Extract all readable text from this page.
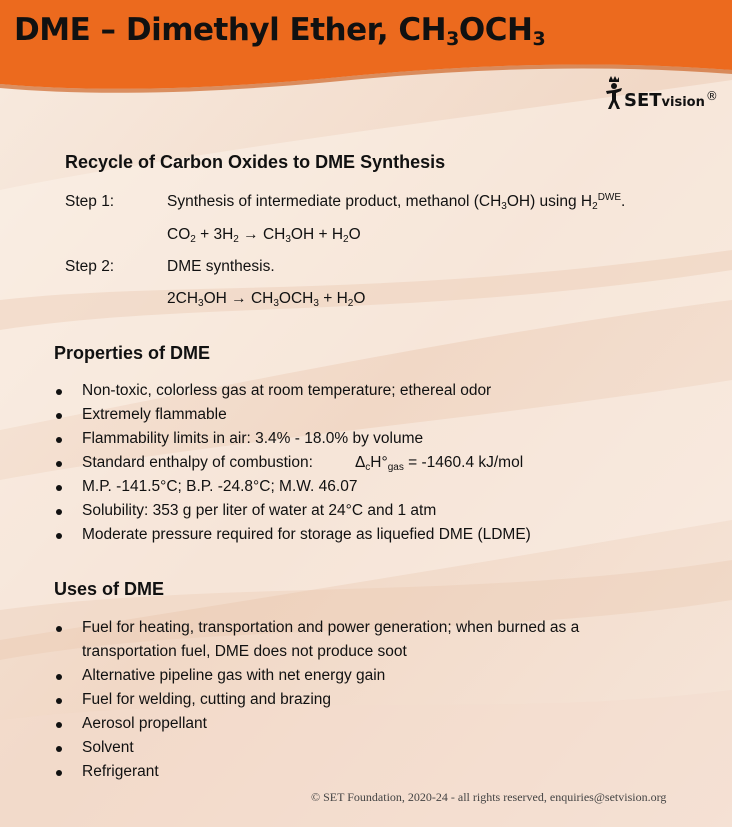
DME – Dimethyl Ether, $CH_3OCH_3$
SETvision®
Recycle of Carbon Oxides to DME Synthesis
Step 1:	Synthesis of intermediate product, methanol $(CH_3OH)$ using $H_2^{DWE}$.
$CO_2 + 3H_2 \to CH_3OH + H_2O$
Step 2:	DME synthesis.
$2CH_3OH \to CH_3OCH_3 + H_2O$
Properties of DME
Non-toxic, colorless gas at room temperature; ethereal odor
Extremely flammable
Flammability limits in air: 3.4% - 18.0% by volume
Standard enthalpy of combustion:	$\Delta_cH^\circ_{gas} = -1460.4$ kJ/mol
M.P. -141.5°C; B.P. -24.8°C; M.W. 46.07
Solubility: 353 g per liter of water at 24°C and 1 atm
Moderate pressure required for storage as liquefied DME (LDME)
Uses of DME
Fuel for heating, transportation and power generation; when burned as a
transportation fuel, DME does not produce soot
Alternative pipeline gas with net energy gain
Fuel for welding, cutting and brazing
Aerosol propellant
Solvent
Refrigerant
© SET Foundation, 2020-24 - all rights reserved, enquiries@setvision.org
